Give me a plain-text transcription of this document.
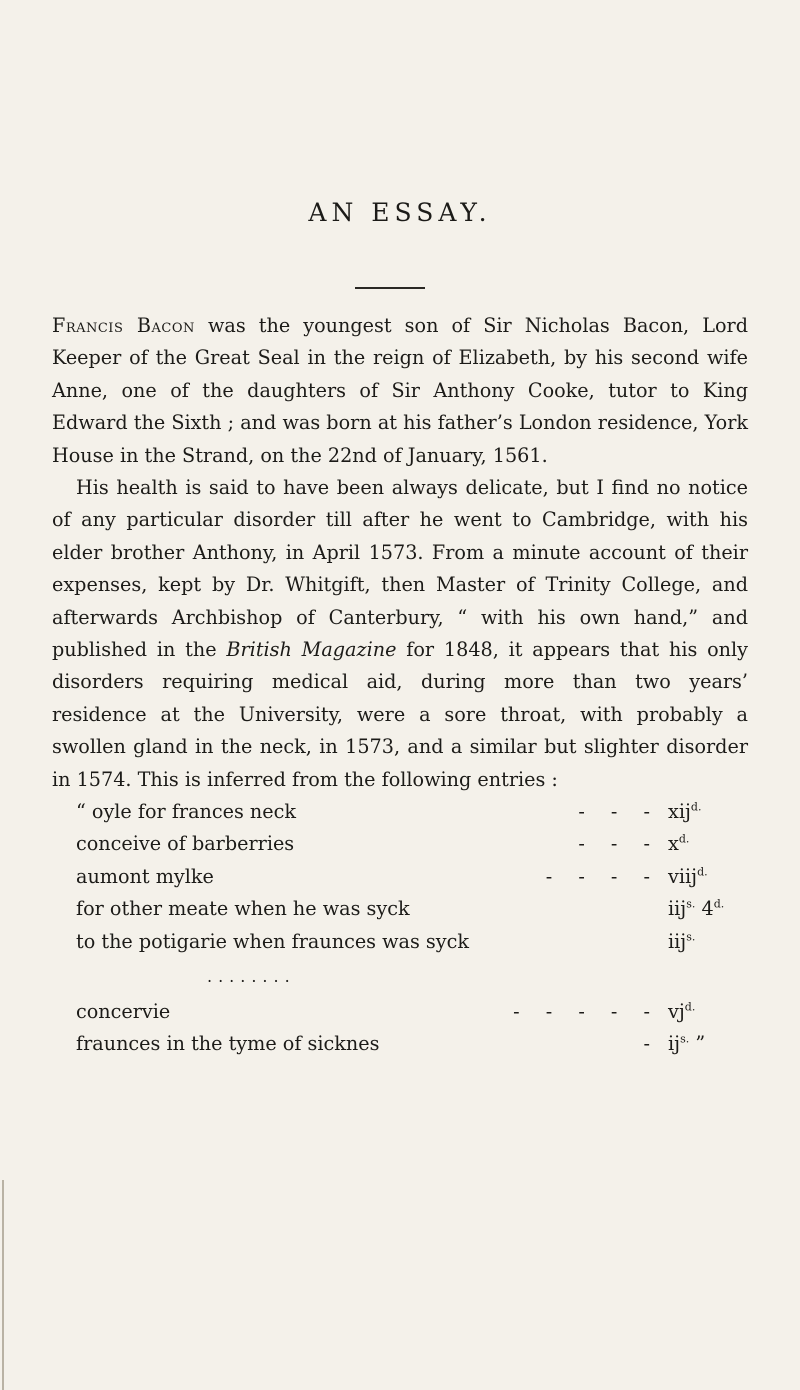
AN ESSAY.

Francis Bacon was the youngest son of Sir Nicholas Bacon, Lord Keeper of the Great Seal in the reign of Elizabeth, by his second wife Anne, one of the daughters of Sir Anthony Cooke, tutor to King Edward the Sixth ; and was born at his father’s London residence, York House in the Strand, on the 22nd of January, 1561.

His health is said to have been always delicate, but I find no notice of any particular disorder till after he went to Cambridge, with his elder brother Anthony, in April 1573. From a minute account of their expenses, kept by Dr. Whitgift, then Master of Trinity College, and afterwards Archbishop of Canterbury, “ with his own hand,” and published in the British Magazine for 1848, it appears that his only disorders requiring medical aid, during more than two years’ residence at the University, were a sore throat, with probably a swollen gland in the neck, in 1573, and a similar but slighter disorder in 1574. This is inferred from the following entries :

“ oyle for frances neck	- - - xij$^{d.}$
conceive of barberries	- - - $x^{d.}$
aumont mylke	- - - - viij$^{d.}$
for other meate when he was syck	iij$^{s.}$ $4^{d.}$
to the potigarie when fraunces was syck	iij$^{s.}$
........
concervie	- - - - - $vj^{d.}$
fraunces in the tyme of sicknes	- $ij^{s.}$ ”
